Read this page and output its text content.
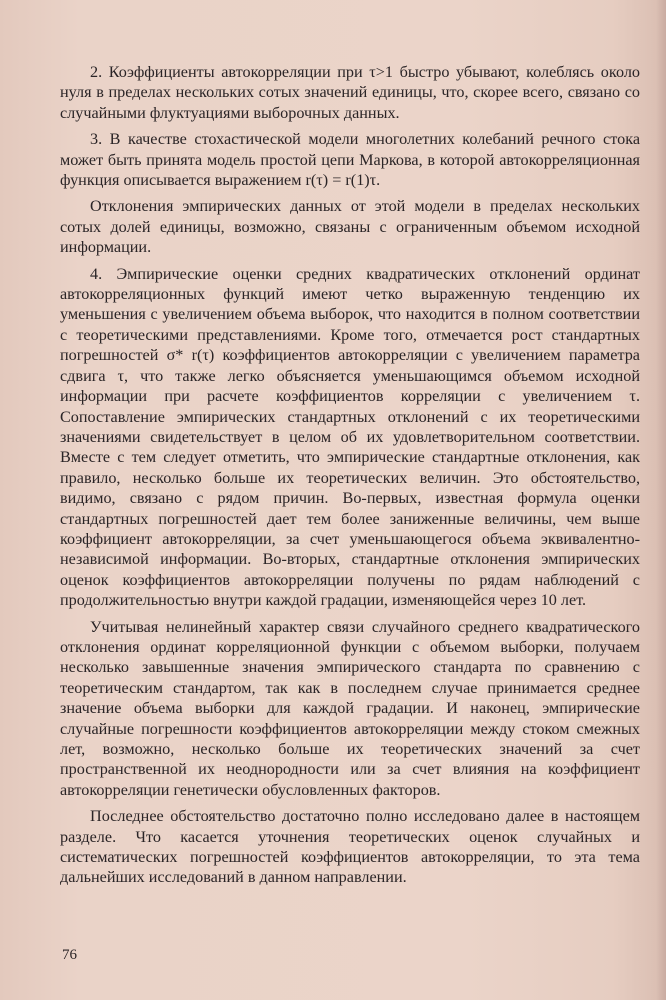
2. Коэффициенты автокорреляции при τ>1 быстро убывают, колеблясь около нуля в пределах нескольких сотых значений единицы, что, скорее всего, связано со случайными флуктуациями выборочных данных.

3. В качестве стохастической модели многолетних колебаний речного стока может быть принята модель простой цепи Маркова, в которой автокорреляционная функция описывается выражением r(τ) = r(1)τ.

Отклонения эмпирических данных от этой модели в пределах нескольких сотых долей единицы, возможно, связаны с ограниченным объемом исходной информации.

4. Эмпирические оценки средних квадратических отклонений ординат автокорреляционных функций имеют четко выраженную тенденцию их уменьшения с увеличением объема выборок, что находится в полном соответствии с теоретическими представлениями. Кроме того, отмечается рост стандартных погрешностей σ* r(τ) коэффициентов автокорреляции с увеличением параметра сдвига τ, что также легко объясняется уменьшающимся объемом исходной информации при расчете коэффициентов корреляции с увеличением τ. Сопоставление эмпирических стандартных отклонений с их теоретическими значениями свидетельствует в целом об их удовлетворительном соответствии. Вместе с тем следует отметить, что эмпирические стандартные отклонения, как правило, несколько больше их теоретических величин. Это обстоятельство, видимо, связано с рядом причин. Во-первых, известная формула оценки стандартных погрешностей дает тем более заниженные величины, чем выше коэффициент автокорреляции, за счет уменьшающегося объема эквивалентно-независимой информации. Во-вторых, стандартные отклонения эмпирических оценок коэффициентов автокорреляции получены по рядам наблюдений с продолжительностью внутри каждой градации, изменяющейся через 10 лет.

Учитывая нелинейный характер связи случайного среднего квадратического отклонения ординат корреляционной функции с объемом выборки, получаем несколько завышенные значения эмпирического стандарта по сравнению с теоретическим стандартом, так как в последнем случае принимается среднее значение объема выборки для каждой градации. И наконец, эмпирические случайные погрешности коэффициентов автокорреляции между стоком смежных лет, возможно, несколько больше их теоретических значений за счет пространственной их неоднородности или за счет влияния на коэффициент автокорреляции генетически обусловленных факторов.

Последнее обстоятельство достаточно полно исследовано далее в настоящем разделе. Что касается уточнения теоретических оценок случайных и систематических погрешностей коэффициентов автокорреляции, то эта тема дальнейших исследований в данном направлении.

76
